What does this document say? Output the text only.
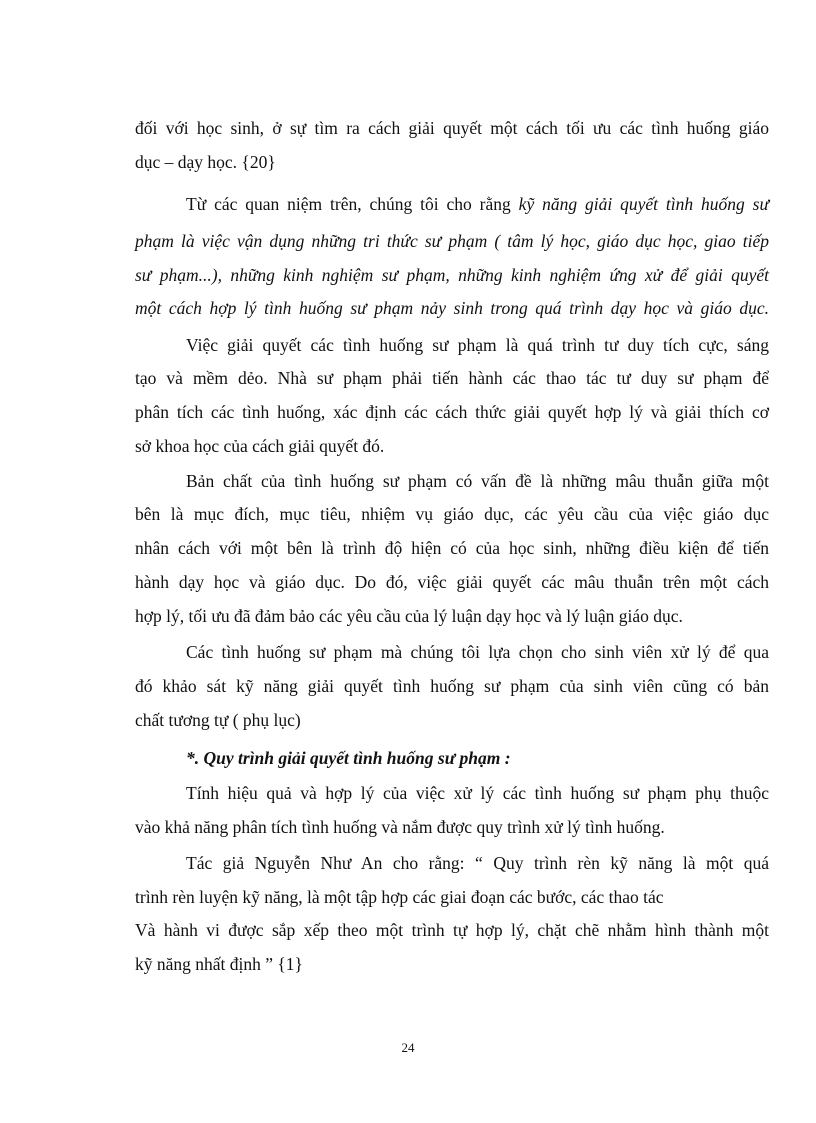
đối với học sinh, ở sự tìm ra cách giải quyết một cách tối ưu các tình huống giáo
dục – dạy học. {20}
Từ các quan niệm trên, chúng tôi cho rằng kỹ năng giải quyết tình huống sư
phạm là việc vận dụng những tri thức sư phạm ( tâm lý học, giáo dục học, giao tiếp
sư phạm...), những kinh nghiệm sư phạm, những kinh nghiệm ứng xử để giải quyết
một cách hợp lý tình huống sư phạm nảy sinh trong quá trình dạy học và giáo dục.
Việc giải quyết các tình huống sư phạm là quá trình tư duy tích cực, sáng
tạo và mềm dẻo. Nhà sư phạm phải tiến hành các thao tác tư duy sư phạm để
phân tích các tình huống, xác định các cách thức giải quyết hợp lý và giải thích cơ
sở khoa học của cách giải quyết đó.
Bản chất của tình huống sư phạm có vấn đề là những mâu thuẫn giữa một
bên là mục đích, mục tiêu, nhiệm vụ giáo dục, các yêu cầu của việc giáo dục
nhân cách với một bên là trình độ hiện có của học sinh, những điều kiện để tiến
hành dạy học và giáo dục. Do đó, việc giải quyết các mâu thuẫn trên một cách
hợp lý, tối ưu đã đảm bảo các yêu cầu của lý luận dạy học và lý luận giáo dục.
Các tình huống sư phạm mà chúng tôi lựa chọn cho sinh viên xử lý để qua
đó khảo sát kỹ năng giải quyết tình huống sư phạm của sinh viên cũng có bản
chất tương tự ( phụ lục)
*. Quy trình giải quyết tình huống sư phạm :
Tính hiệu quả và hợp lý của việc xử lý các tình huống sư phạm phụ thuộc
vào khả năng phân tích tình huống và nắm được quy trình xử lý tình huống.
Tác giả Nguyễn Như An cho rằng: “ Quy trình rèn kỹ năng là một quá
trình rèn luyện kỹ năng, là một tập hợp các giai đoạn các bước, các thao tác
Và hành vi được sắp xếp theo một trình tự hợp lý, chặt chẽ nhằm hình thành một
kỹ năng nhất định ” {1}
24
